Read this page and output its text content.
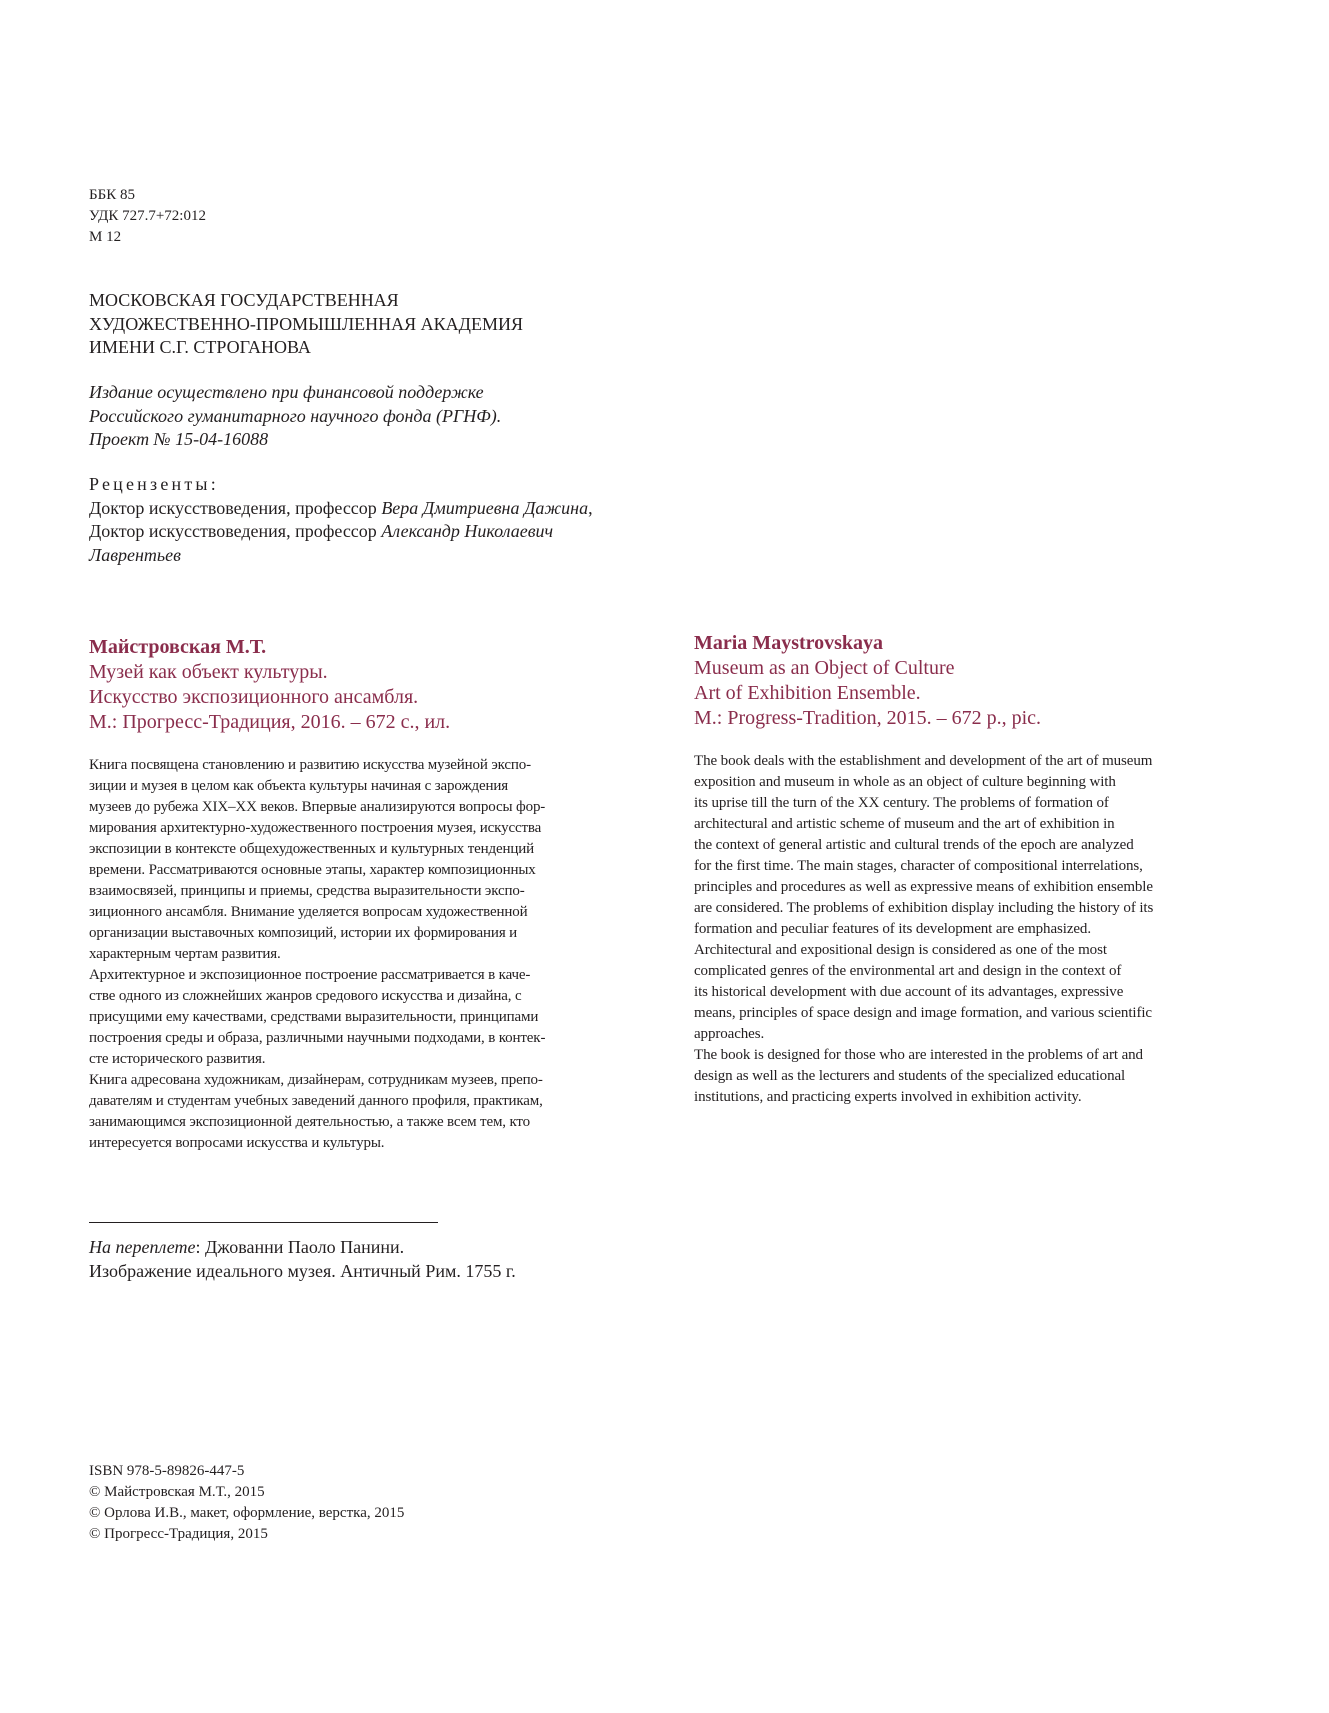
ББК 85
УДК 727.7+72:012
М 12
МОСКОВСКАЯ ГОСУДАРСТВЕННАЯ
ХУДОЖЕСТВЕННО-ПРОМЫШЛЕННАЯ АКАДЕМИЯ
ИМЕНИ С.Г. СТРОГАНОВА
Издание осуществлено при финансовой поддержке
Российского гуманитарного научного фонда (РГНФ).
Проект № 15-04-16088
Рецензенты:
Доктор искусствоведения, профессор Вера Дмитриевна Дажина,
Доктор искусствоведения, профессор Александр Николаевич
Лаврентьев
Майстровская М.Т.
Музей как объект культуры.
Искусство экспозиционного ансамбля.
М.: Прогресс-Традиция, 2016. – 672 с., ил.
Книга посвящена становлению и развитию искусства музейной экспо-
зиции и музея в целом как объекта культуры начиная с зарождения
музеев до рубежа XIX–XX веков. Впервые анализируются вопросы фор-
мирования архитектурно-художественного построения музея, искусства
экспозиции в контексте общехудожественных и культурных тенденций
времени. Рассматриваются основные этапы, характер композиционных
взаимосвязей, принципы и приемы, средства выразительности экспо-
зиционного ансамбля. Внимание уделяется вопросам художественной
организации выставочных композиций, истории их формирования и
характерным чертам развития.
Архитектурное и экспозиционное построение рассматривается в каче-
стве одного из сложнейших жанров средового искусства и дизайна, с
присущими ему качествами, средствами выразительности, принципами
построения среды и образа, различными научными подходами, в контек-
сте исторического развития.
Книга адресована художникам, дизайнерам, сотрудникам музеев, препо-
давателям и студентам учебных заведений данного профиля, практикам,
занимающимся экспозиционной деятельностью, а также всем тем, кто
интересуется вопросами искусства и культуры.
Maria Maystrovskaya
Museum as an Object of Culture
Art of Exhibition Ensemble.
M.: Progress-Tradition, 2015. – 672 p., pic.
The book deals with the establishment and development of the art of museum
exposition and museum in whole as an object of culture beginning with
its uprise till the turn of the XX century. The problems of formation of
architectural and artistic scheme of museum and the art of exhibition in
the context of general artistic and cultural trends of the epoch are analyzed
for the first time. The main stages, character of compositional interrelations,
principles and procedures as well as expressive means of exhibition ensemble
are considered. The problems of exhibition display including the history of its
formation and peculiar features of its development are emphasized.
Architectural and expositional design is considered as one of the most
complicated genres of the environmental art and design in the context of
its historical development with due account of its advantages, expressive
means, principles of space design and image formation, and various scientific
approaches.
The book is designed for those who are interested in the problems of art and
design as well as the lecturers and students of the specialized educational
institutions, and practicing experts involved in exhibition activity.
На переплете: Джованни Паоло Панини.
Изображение идеального музея. Античный Рим. 1755 г.
ISBN 978-5-89826-447-5
© Майстровская М.Т., 2015
© Орлова И.В., макет, оформление, верстка, 2015
© Прогресс-Традиция, 2015
